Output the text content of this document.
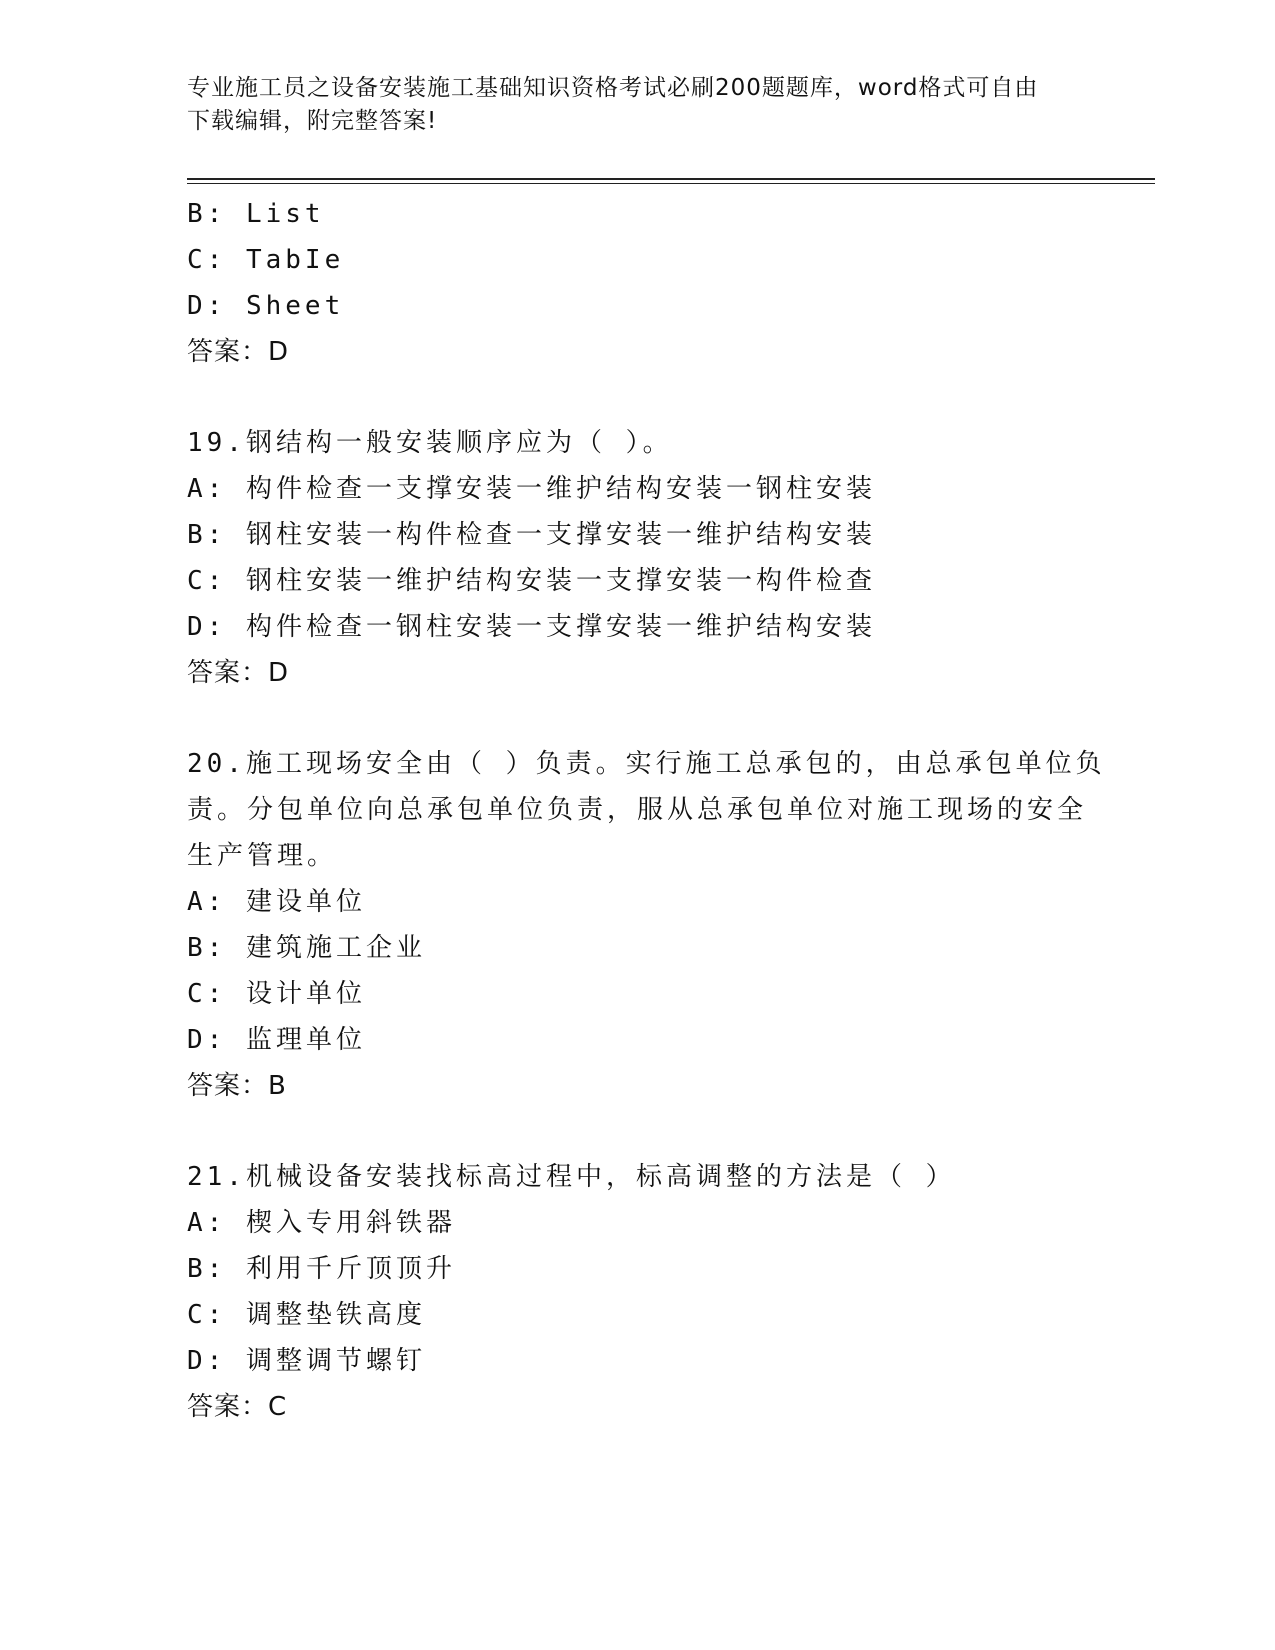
专业施工员之设备安装施工基础知识资格考试必刷200题题库，word格式可自由
下载编辑，附完整答案!
B: List
C: TabIe
D: Sheet
答案：D
19.钢结构一般安装顺序应为（ ）。
A: 构件检查一支撑安装一维护结构安装一钢柱安装
B: 钢柱安装一构件检查一支撑安装一维护结构安装
C: 钢柱安装一维护结构安装一支撑安装一构件检查
D: 构件检查一钢柱安装一支撑安装一维护结构安装
答案：D
20.施工现场安全由（ ）负责。实行施工总承包的，由总承包单位负
责。分包单位向总承包单位负责，服从总承包单位对施工现场的安全
生产管理。
A: 建设单位
B: 建筑施工企业
C: 设计单位
D: 监理单位
答案：B
21.机械设备安装找标高过程中，标高调整的方法是（ ）
A: 楔入专用斜铁器
B: 利用千斤顶顶升
C: 调整垫铁高度
D: 调整调节螺钉
答案：C
